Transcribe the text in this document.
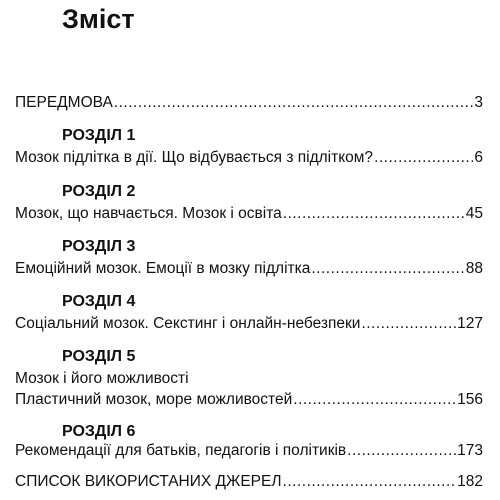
Зміст
ПЕРЕДМОВА .....	3
РОЗДІЛ 1
Мозок підлітка в дії. Що відбувається з підлітком? .....	6
РОЗДІЛ 2
Мозок, що навчається. Мозок і освіта .....	45
РОЗДІЛ 3
Емоційний мозок. Емоції в мозку підлітка .....	88
РОЗДІЛ 4
Соціальний мозок. Секстинг і онлайн-небезпеки .....	127
РОЗДІЛ 5
Мозок і його можливості
Пластичний мозок, море можливостей .....	156
РОЗДІЛ 6
Рекомендації для батьків, педагогів і політиків .....	173
СПИСОК ВИКОРИСТАНИХ ДЖЕРЕЛ .....	182
